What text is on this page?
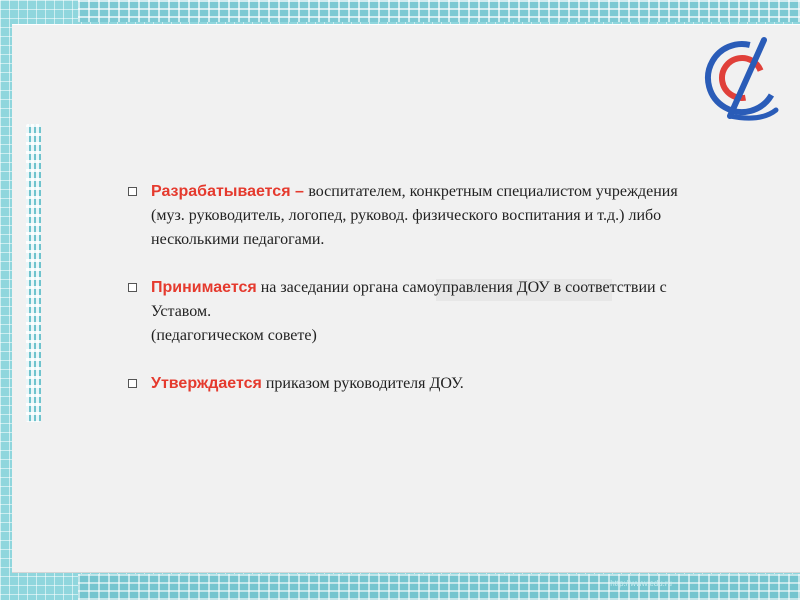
Разрабатывается – воспитателем, конкретным специалистом учреждения (муз. руководитель, логопед, руковод. физического воспитания и т.д.) либо несколькими педагогами.
Принимается на заседании органа самоуправления ДОУ в соответствии с Уставом.
(педагогическом совете)
Утверждается приказом руководителя ДОУ.
http://www.edu.ru
